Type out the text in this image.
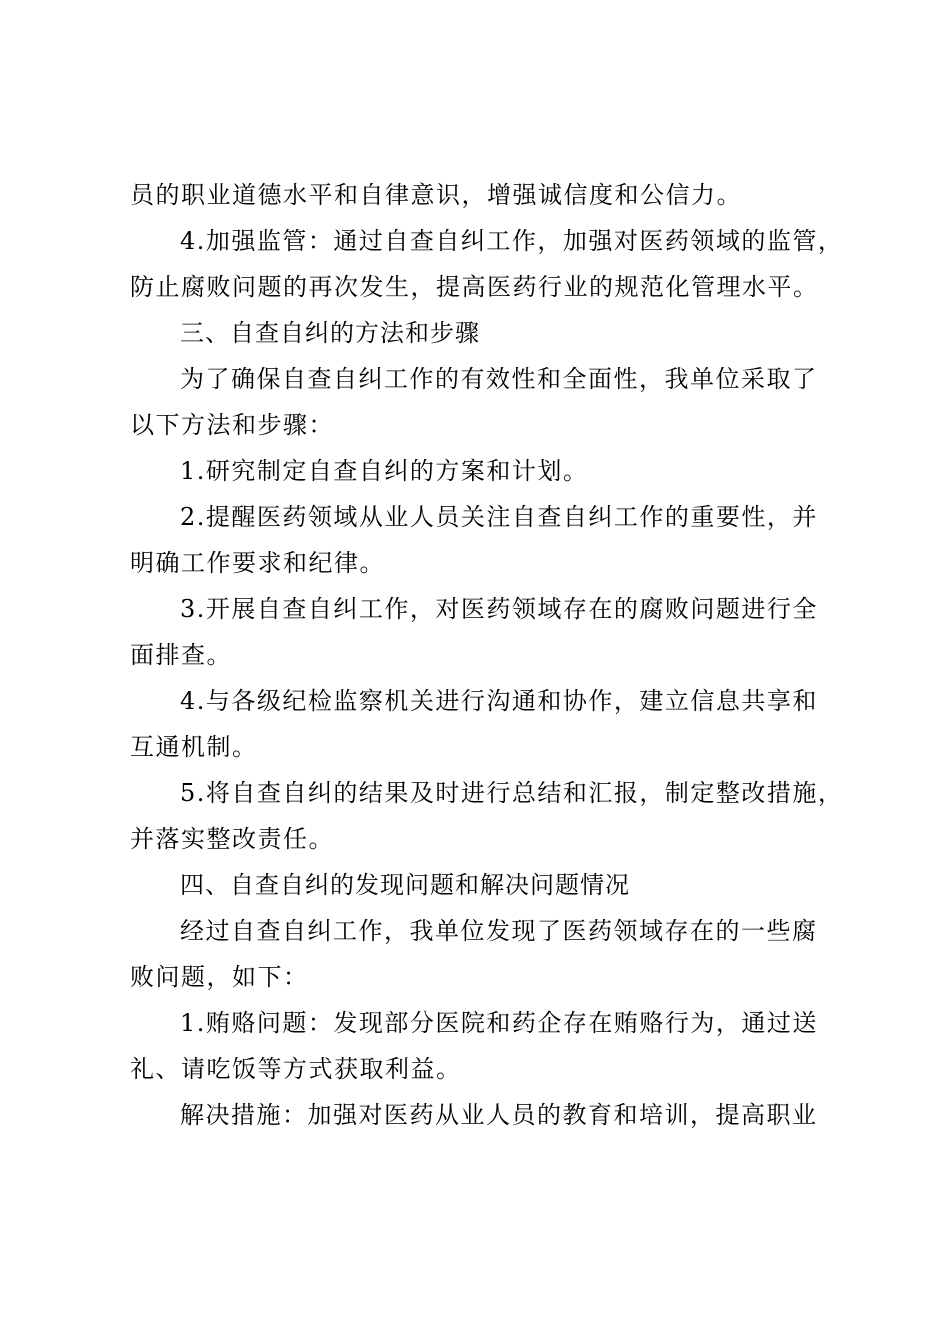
员的职业道德水平和自律意识，增强诚信度和公信力。
4.加强监管：通过自查自纠工作，加强对医药领域的监管，
防止腐败问题的再次发生，提高医药行业的规范化管理水平。
三、自查自纠的方法和步骤
为了确保自查自纠工作的有效性和全面性，我单位采取了
以下方法和步骤：
1.研究制定自查自纠的方案和计划。
2.提醒医药领域从业人员关注自查自纠工作的重要性，并
明确工作要求和纪律。
3.开展自查自纠工作，对医药领域存在的腐败问题进行全
面排查。
4.与各级纪检监察机关进行沟通和协作，建立信息共享和
互通机制。
5.将自查自纠的结果及时进行总结和汇报，制定整改措施，
并落实整改责任。
四、自查自纠的发现问题和解决问题情况
经过自查自纠工作，我单位发现了医药领域存在的一些腐
败问题，如下：
1.贿赂问题：发现部分医院和药企存在贿赂行为，通过送
礼、请吃饭等方式获取利益。
解决措施：加强对医药从业人员的教育和培训，提高职业
